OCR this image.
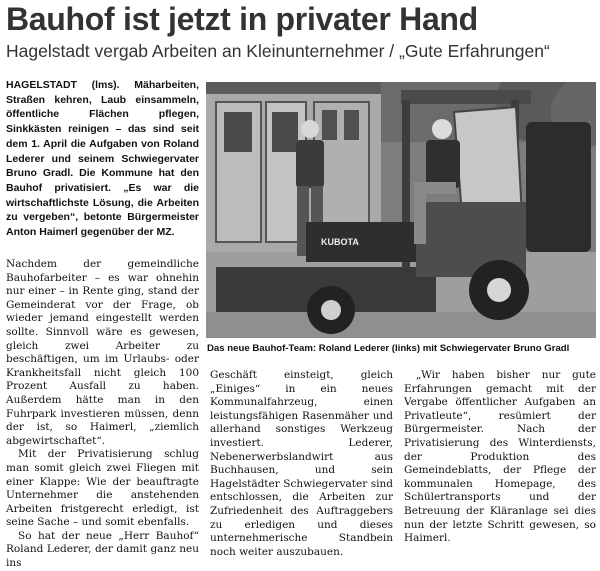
Bauhof ist jetzt in privater Hand
Hagelstadt vergab Arbeiten an Kleinunternehmer / „Gute Erfahrungen“
HAGELSTADT (lms). Mäharbeiten, Straßen kehren, Laub einsammeln, öffentliche Flächen pflegen, Sinkkästen reinigen – das sind seit dem 1. April die Aufgaben von Roland Lederer und seinem Schwiegervater Bruno Gradl. Die Kommune hat den Bauhof privatisiert. „Es war die wirtschaftlichste Lösung, die Arbeiten zu vergeben“, betonte Bürgermeister Anton Haimerl gegenüber der MZ.
KUBOTA
Das neue Bauhof-Team: Roland Lederer (links) mit Schwiegervater Bruno Gradl

Nachdem der gemeindliche Bauhofarbeiter – es war ohnehin nur einer – in Rente ging, stand der Gemeinderat vor der Frage, ob wieder jemand eingestellt werden sollte. Sinnvoll wäre es gewesen, gleich zwei Arbeiter zu beschäftigen, um im Urlaubs- oder Krankheitsfall nicht gleich 100 Prozent Ausfall zu haben. Außerdem hätte man in den Fuhrpark investieren müssen, denn der ist, so Haimerl, „ziemlich abgewirtschaftet“.

Mit der Privatisierung schlug man somit gleich zwei Fliegen mit einer Klappe: Wie der beauftragte Unternehmer die anstehenden Arbeiten fristgerecht erledigt, ist seine Sache – und somit ebenfalls.

So hat der neue „Herr Bauhof“ Roland Lederer, der damit ganz neu ins

Geschäft einsteigt, gleich „Einiges“ in ein neues Kommunalfahrzeug, einen leistungsfähigen Rasenmäher und allerhand sonstiges Werkzeug investiert. Lederer, Nebenerwerbslandwirt aus Buchhausen, und sein Hagelstädter Schwiegervater sind entschlossen, die Arbeiten zur Zufriedenheit des Auftraggebers zu erledigen und dieses unternehmerische Standbein noch weiter auszubauen.

„Wir haben bisher nur gute Erfahrungen gemacht mit der Vergabe öffentlicher Aufgaben an Privatleute“, resümiert der Bürgermeister. Nach der Privatisierung des Winterdiensts, der Produktion des Gemeindeblatts, der Pflege der kommunalen Homepage, des Schülertransports und der Betreuung der Kläranlage sei dies nun der letzte Schritt gewesen, so Haimerl.
